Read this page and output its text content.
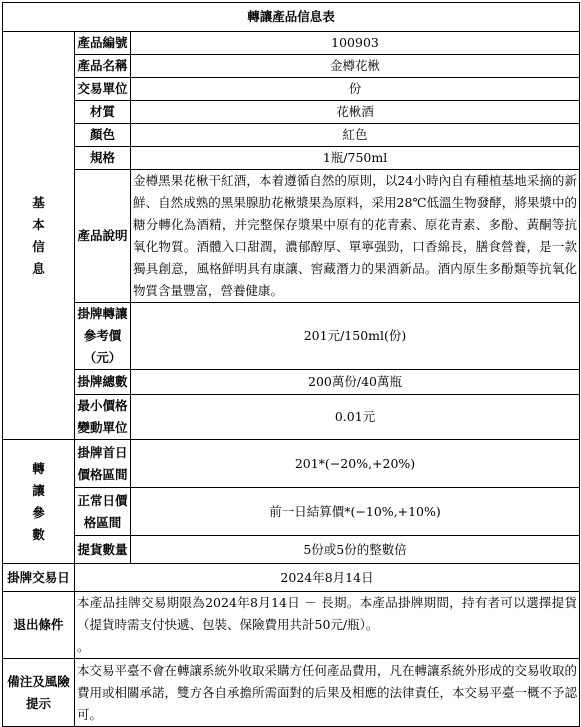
轉讓產品信息表		

基
本
信
息	產品編號	100903
	產品名稱	金樽花楸
	交易單位	份
	材質	花楸酒
	顏色	紅色
	規格	1瓶/750ml
	產品說明	金樽黑果花楸干紅酒，本着遵循自然的原則，以24小時內自有種植基地采摘的新鮮、自然成熟的黑果腺肋花楸漿果為原料，采用28℃低溫生物發酵，將果漿中的糖分轉化為酒精，并完整保存漿果中原有的花青素、原花青素、多酚、黃酮等抗氧化物質。酒體入口甜潤，濃郁醇厚、單寧强勁，口香綿長，膳食營養，是一款獨具創意，風格鮮明具有康讓、窖藏潛力的果酒新品。酒内原生多酚類等抗氧化物質含量豐富，營養健康。
	掛牌轉讓參考價（元）	201元/150ml(份)
	掛牌總數	200萬份/40萬瓶
	最小價格變動單位	0.01元

轉
讓
參
數	掛牌首日價格區間	201*(−20%,+20%)
	正常日價格區間	前一日結算價*(−10%,+10%)
	提貨數量	5份或5份的整數倍
掛牌交易日	2024年8月14日	
退出條件	本產品挂牌交易期限為2024年8月14日 － 長期。本產品掛牌期間，持有者可以選擇提貨（提貨時需支付快遞、包裝、保險費用共計50元/瓶）。
。	
備注及風險提示	本交易平臺不會在轉讓系統外收取采購方任何產品費用，凡在轉讓系統外形成的交易收取的費用或相關承諾，雙方各自承擔所需面對的后果及相應的法律責任，本交易平臺一概不予認可。	
